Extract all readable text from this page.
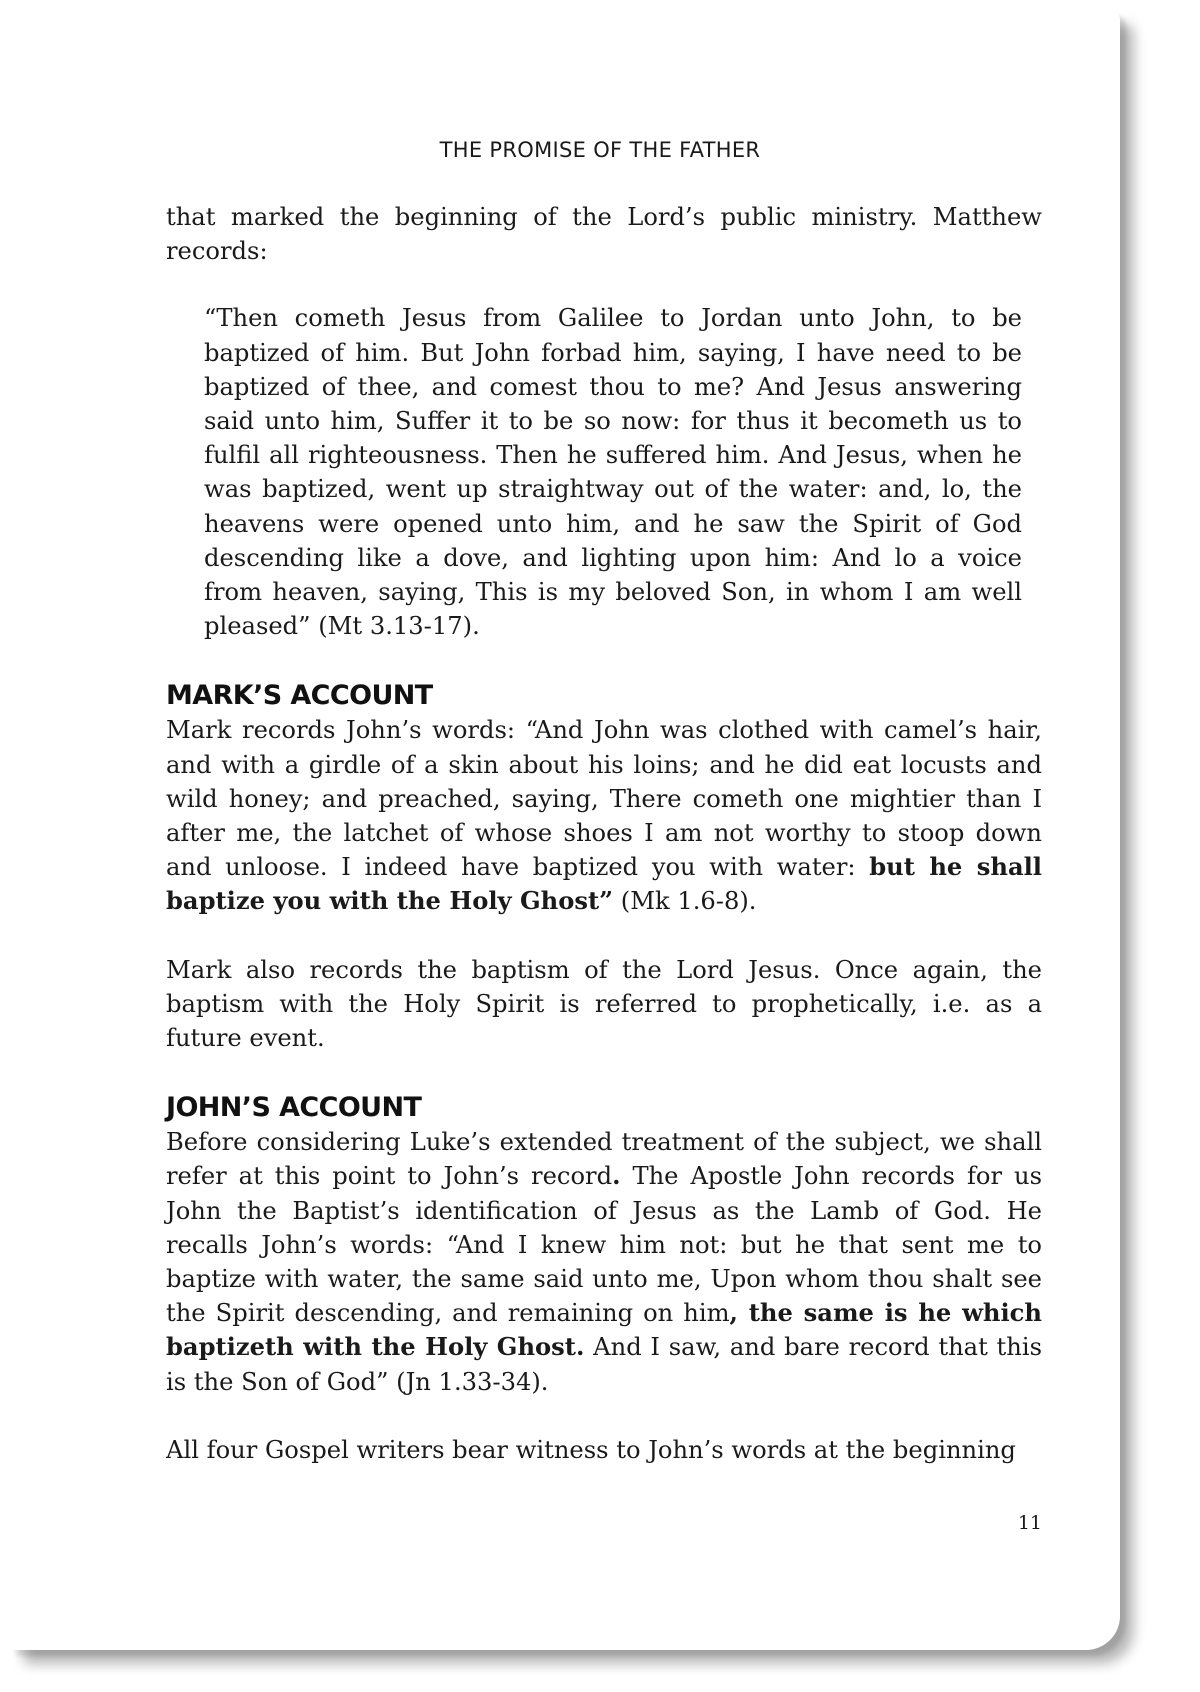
THE PROMISE OF THE FATHER

that marked the beginning of the Lord’s public ministry. Matthew records:

“Then cometh Jesus from Galilee to Jordan unto John, to be baptized of him. But John forbad him, saying, I have need to be baptized of thee, and comest thou to me? And Jesus answering said unto him, Suffer it to be so now: for thus it becometh us to fulfil all righteousness. Then he suffered him. And Jesus, when he was baptized, went up straightway out of the water: and, lo, the heavens were opened unto him, and he saw the Spirit of God descending like a dove, and lighting upon him: And lo a voice from heaven, saying, This is my beloved Son, in whom I am well pleased” (Mt 3.13-17).

MARK’S ACCOUNT

Mark records John’s words: “And John was clothed with camel’s hair, and with a girdle of a skin about his loins; and he did eat locusts and wild honey; and preached, saying, There cometh one mightier than I after me, the latchet of whose shoes I am not worthy to stoop down and unloose. I indeed have baptized you with water: but he shall baptize you with the Holy Ghost” (Mk 1.6-8).

Mark also records the baptism of the Lord Jesus. Once again, the baptism with the Holy Spirit is referred to prophetically, i.e. as a future event.

JOHN’S ACCOUNT

Before considering Luke’s extended treatment of the subject, we shall refer at this point to John’s record. The Apostle John records for us John the Baptist’s identification of Jesus as the Lamb of God. He recalls John’s words: “And I knew him not: but he that sent me to baptize with water, the same said unto me, Upon whom thou shalt see the Spirit descending, and remaining on him, the same is he which baptizeth with the Holy Ghost. And I saw, and bare record that this is the Son of God” (Jn 1.33-34).

All four Gospel writers bear witness to John’s words at the beginning

11
